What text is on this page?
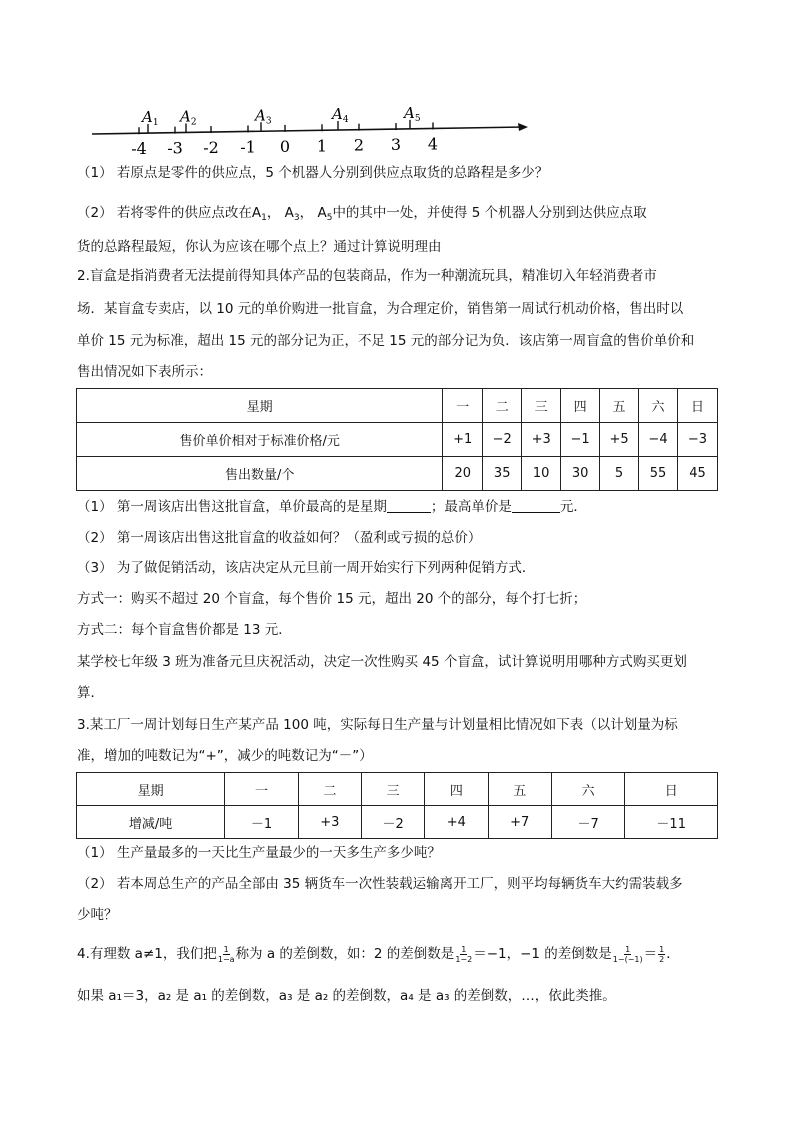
-4 -3 -2 -1 0 1 2 3 4
$A_1$ $A_2$	$A_3$	$A_4$	$A_5$
（1） 若原点是零件的供应点，5 个机器人分别到供应点取货的总路程是多少？
（2） 若将零件的供应点改在$A_1$， $A_3$， $A_5$中的其中一处，并使得 5 个机器人分别到达供应点取
货的总路程最短，你认为应该在哪个点上？通过计算说明理由
2.盲盒是指消费者无法提前得知具体产品的包装商品，作为一种潮流玩具，精准切入年轻消费者市
场．某盲盒专卖店，以 10 元的单价购进一批盲盒，为合理定价，销售第一周试行机动价格，售出时以
单价 15 元为标准，超出 15 元的部分记为正，不足 15 元的部分记为负．该店第一周盲盒的售价单价和
售出情况如下表所示：
星期	一	二	三	四	五	六	日
售价单价相对于标准价格/元	+1	−2	+3	−1	+5	−4	−3
售出数量/个	20	35	10	30	5	55	45
（1） 第一周该店出售这批盲盒，单价最高的是星期	；最高单价是	元．
（2） 第一周该店出售这批盲盒的收益如何？（盈利或亏损的总价）
（3） 为了做促销活动，该店决定从元旦前一周开始实行下列两种促销方式．
方式一：购买不超过 20 个盲盒，每个售价 15 元，超出 20 个的部分，每个打七折；
方式二：每个盲盒售价都是 13 元．
某学校七年级 3 班为准备元旦庆祝活动，决定一次性购买 45 个盲盒，试计算说明用哪种方式购买更划
算．
3.某工厂一周计划每日生产某产品 100 吨，实际每日生产量与计划量相比情况如下表（以计划量为标
准，增加的吨数记为“+”，减少的吨数记为“－”）
星期	一	二	三	四	五	六	日
增减/吨	－1	+3	－2	+4	+7	－7	－11
（1） 生产量最多的一天比生产量最少的一天多生产多少吨？
（2） 若本周总生产的产品全部由 35 辆货车一次性装载运输离开工厂，则平均每辆货车大约需装载多
少吨？
4.有理数 a≠1，我们把 $\frac{1}{1-a}$ 称为 a 的差倒数，如：2 的差倒数是 $\frac{1}{1-2} =-1$，−1 的差倒数是 $\frac{1}{1-(-1)} = \frac{1}{2}$ ．
如果 a₁＝3，a₂ 是 a₁ 的差倒数，a₃ 是 a₂ 的差倒数，a₄ 是 a₃ 的差倒数，…，依此类推。
